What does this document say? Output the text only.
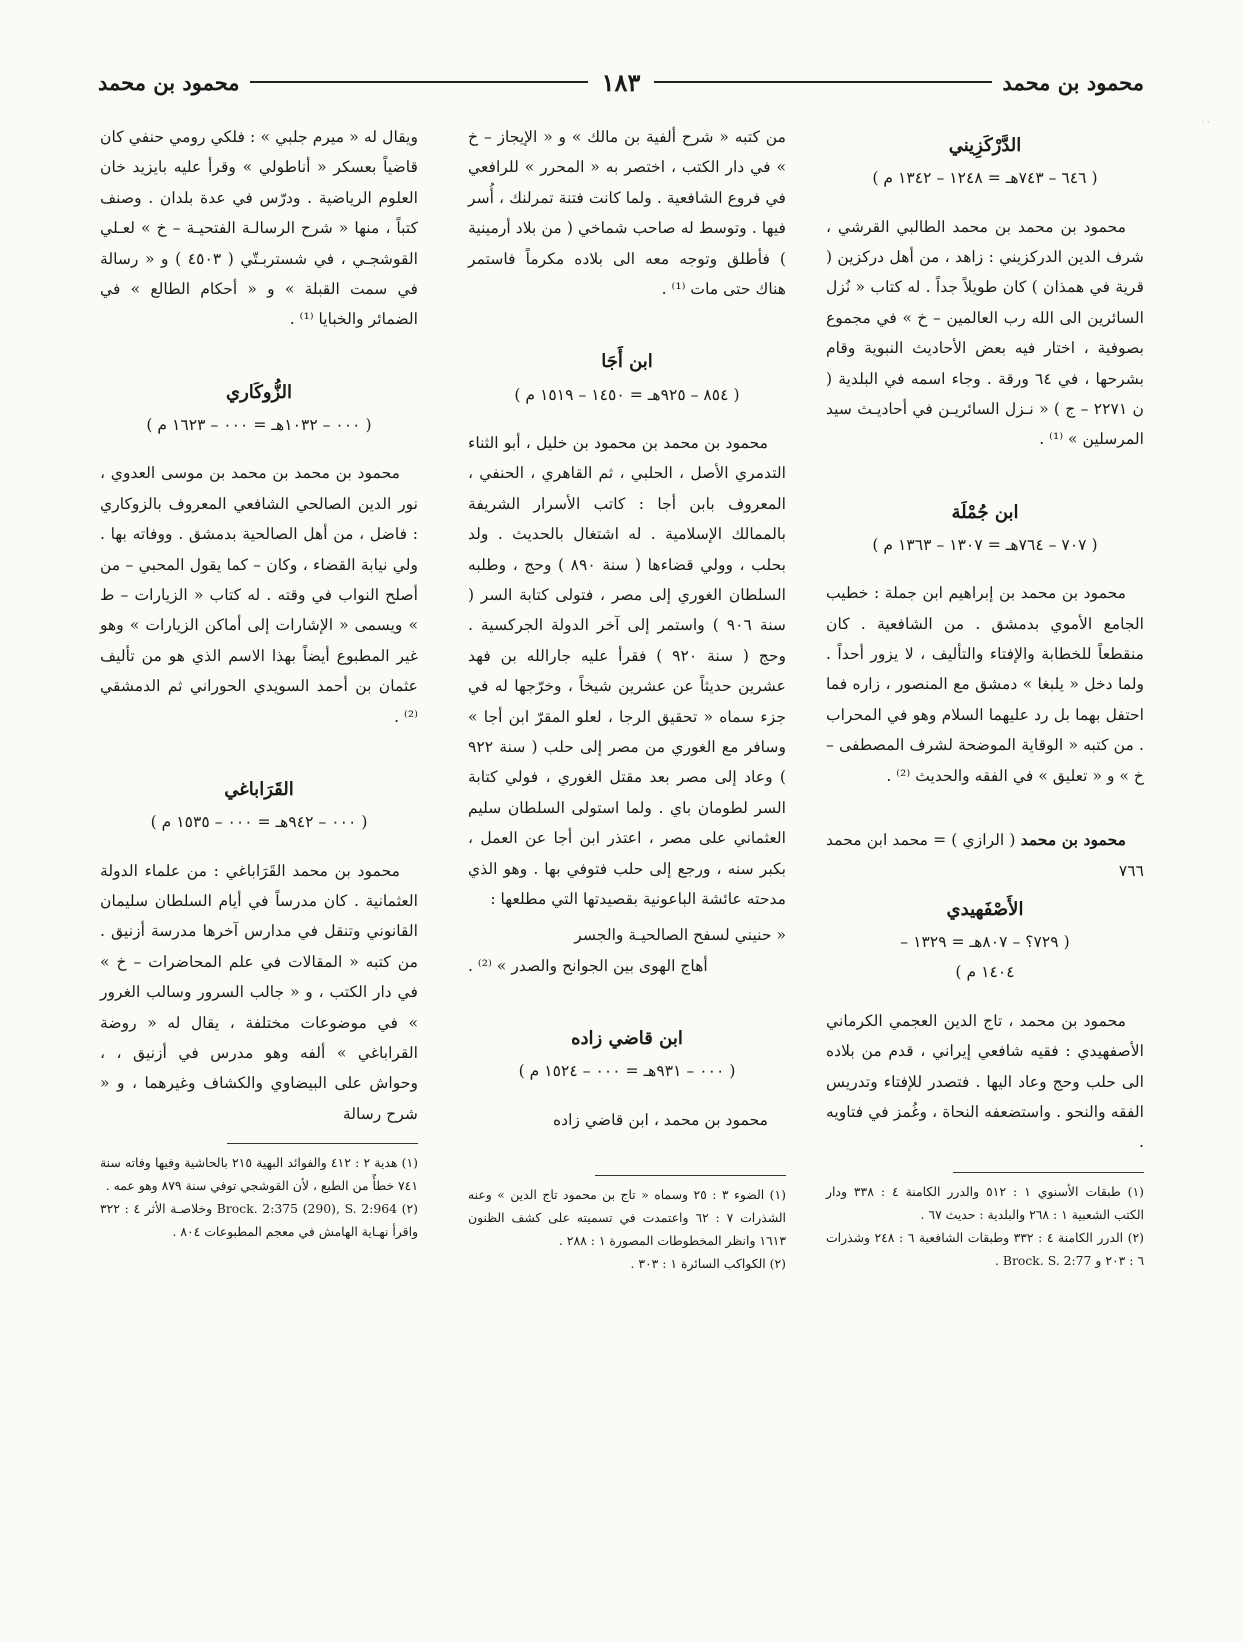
· ·
محمود بن محمد
١٨٣
محمود بن محمد
الدَّرْكَزِيني
( ٦٤٦ – ٧٤٣هـ = ١٢٤٨ – ١٣٤٢ م )

محمود بن محمد بن محمد الطالبي القرشي ، شرف الدين الدركزيني : زاهد ، من أهل دركزين ( قرية في همذان ) كان طويلاً جداً . له كتاب « نُزل السائرين الى الله رب العالمين – خ » في مجموع بصوفية ، اختار فيه بعض الأحاديث النبوية وقام بشرحها ، في ٦٤ ورقة . وجاء اسمه في البلدية ( ن ٢٢٧١ – ج ) « نـزل السائريـن في أحاديـث سيد المرسلين » ⁽¹⁾ .

ابن جُمْلَة
( ٧٠٧ – ٧٦٤هـ = ١٣٠٧ – ١٣٦٣ م )

محمود بن محمد بن إبراهيم ابن جملة : خطيب الجامع الأموي بدمشق . من الشافعية . كان منقطعاً للخطابة والإفتاء والتأليف ، لا يزور أحداً . ولما دخل « يلبغا » دمشق مع المنصور ، زاره فما احتفل بهما بل رد عليهما السلام وهو في المحراب . من كتبه « الوقاية الموضحة لشرف المصطفى – خ » و « تعليق » في الفقه والحديث ⁽²⁾ .

محمود بن محمد ( الرازي ) = محمد ابن محمد ٧٦٦

الأَصْفَهيدي
( ٧٢٩؟ – ٨٠٧هـ = ١٣٢٩ –
١٤٠٤ م )

محمود بن محمد ، تاج الدين العجمي الكرماني الأصفهيدي : فقيه شافعي إيراني ، قدم من بلاده الى حلب وحج وعاد اليها . فتصدر للإفتاء وتدريس الفقه والنحو . واستضعفه النحاة ، وغُمز في فتاويه .

(١) طبقات الأسنوي ١ : ٥١٢ والدرر الكامنة ٤ : ٣٣٨ ودار الكتب الشعبية ١ : ٢٦٨ والبلدية : حديث ٦٧ .
(٢) الدرر الكامنة ٤ : ٣٣٢ وطبقات الشافعية ٦ : ٢٤٨ وشذرات ٦ : ٢٠٣ و Brock. S. 2:77 .

من كتبه « شرح ألفية بن مالك » و « الإيجاز – خ » في دار الكتب ، اختصر به « المحرر » للرافعي في فروع الشافعية . ولما كانت فتنة تمرلنك ، أُسر فيها . وتوسط له صاحب شماخي ( من بلاد أرمينية ) فأطلق وتوجه معه الى بلاده مكرماً فاستمر هناك حتى مات ⁽¹⁾ .

ابن أَجَا
( ٨٥٤ – ٩٢٥هـ = ١٤٥٠ – ١٥١٩ م )

محمود بن محمد بن محمود بن خليل ، أبو الثناء التدمري الأصل ، الحلبي ، ثم القاهري ، الحنفي ، المعروف بابن أجا : كاتب الأسرار الشريفة بالممالك الإسلامية . له اشتغال بالحديث . ولد بحلب ، وولي قضاءها ( سنة ٨٩٠ ) وحج ، وطلبه السلطان الغوري إلى مصر ، فتولى كتابة السر ( سنة ٩٠٦ ) واستمر إلى آخر الدولة الجركسية . وحج ( سنة ٩٢٠ ) فقرأ عليه جارالله بن فهد عشرين حديثاً عن عشرين شيخاً ، وخرّجها له في جزء سماه « تحقيق الرجا ، لعلو المقرّ ابن أجا » وسافر مع الغوري من مصر إلى حلب ( سنة ٩٢٢ ) وعاد إلى مصر بعد مقتل الغوري ، فولي كتابة السر لطومان باي . ولما استولى السلطان سليم العثماني على مصر ، اعتذر ابن أجا عن العمل ، بكبر سنه ، ورجع إلى حلب فتوفي بها . وهو الذي مدحته عائشة الباعونية بقصيدتها التي مطلعها :

« حنيني لسفح الصالحيـة والجسر

أهاج الهوى بين الجوانح والصدر » ⁽²⁾ .

ابن قاضي زاده
( ٠٠٠ – ٩٣١هـ = ٠٠٠ – ١٥٢٤ م )

محمود بن محمد ، ابن قاضي زاده

(١) الضوء ٣ : ٢٥ وسماه « تاج بن محمود تاج الدين » وعنه الشذرات ٧ : ٦٢ واعتمدت في تسميته على كشف الظنون ١٦١٣ وانظر المخطوطات المصورة ١ : ٢٨٨ .
(٢) الكواكب السائرة ١ : ٣٠٣ .

ويقال له « ميرم جلبي » : فلكي رومي حنفي كان قاضياً بعسكر « أناطولي » وقرأ عليه بايزيد خان العلوم الرياضية . ودرّس في عدة بلدان . وصنف كتباً ، منها « شرح الرسالـة الفتحيـة – خ » لعـلي القوشجـي ، في شستربـتّي ( ٤٥٠٣ ) و « رسالة في سمت القبلة » و « أحكام الطالع » في الضمائر والخبايا ⁽¹⁾ .

الزُّوكَاري
( ٠٠٠ – ١٠٣٢هـ = ٠٠٠ – ١٦٢٣ م )

محمود بن محمد بن محمد بن موسى العدوي ، نور الدين الصالحي الشافعي المعروف بالزوكاري : فاضل ، من أهل الصالحية بدمشق . ووفاته بها . ولي نيابة القضاء ، وكان – كما يقول المحبي – من أصلح النواب في وقته . له كتاب « الزيارات – ط » ويسمى « الإشارات إلى أماكن الزيارات » وهو غير المطبوع أيضاً بهذا الاسم الذي هو من تأليف عثمان بن أحمد السويدي الحوراني ثم الدمشقي ⁽²⁾ .

القَرَاباغي
( ٠٠٠ – ٩٤٢هـ = ٠٠٠ – ١٥٣٥ م )

محمود بن محمد القَرَاباغي : من علماء الدولة العثمانية . كان مدرساً في أيام السلطان سليمان القانوني وتنقل في مدارس آخرها مدرسة أزنيق . من كتبه « المقالات في علم المحاضرات – خ » في دار الكتب ، و « جالب السرور وسالب الغرور » في موضوعات مختلفة ، يقال له « روضة القراباغي » ألفه وهو مدرس في أزنيق ، ، وحواش على البيضاوي والكشاف وغيرهما ، و « شرح رسالة

(١) هدية ٢ : ٤١٢ والفوائد البهية ٢١٥ بالحاشية وفيها وفاته سنة ٧٤١ خطأً من الطبع ، لأن القوشجي توفي سنة ٨٧٩ وهو عمه .
(٢) Brock. 2:375 (290), S. 2:964 وخلاصـة الأثر ٤ : ٣٢٢ واقرأ نهـاية الهامش في معجم المطبوعات ٨٠٤ .
